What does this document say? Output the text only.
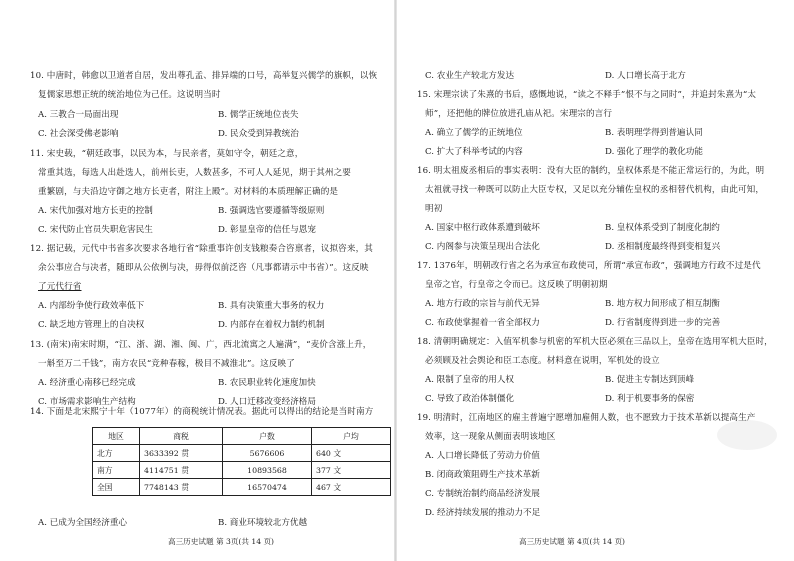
10. 中唐时，韩愈以卫道者自居，发出尊孔孟、排异端的口号，高举复兴儒学的旗帜，以恢
复儒家思想正统的统治地位为己任。这说明当时
A. 三教合一局面出现	B. 儒学正统地位丧失
C. 社会深受佛老影响	D. 民众受到异教统治
11. 宋史载，“朝廷政事，以民为本，与民亲者，莫如守令，朝廷之意，
常重其选，每选人出赴选人，前州长吏，人数甚多，不可人人延见，期于其州之要
重繁剧，与夫沿边守御之地方长吏者，附注上殿”。对材料的本质理解正确的是
A. 宋代加强对地方长吏的控制	B. 强调选官要遵循等级原则
C. 宋代防止官员失职危害民生	D. 彰显皇帝的信任与恩宠
12. 据记载，元代中书省多次要求各地行省“除重事许创支钱粮奏合咨禀者，议拟咨来，其
余公事应合与决者，随即从公依例与决，毋得似前泛咨（凡事都请示中书省）”。这反映
了元代行省
A. 内部纷争使行政效率低下	B. 具有决策重大事务的权力
C. 缺乏地方管理上的自决权	D. 内部存在着权力制约机制
13. (南宋)南宋时期，“江、浙、湖、湘、闽、广，西北流寓之人遍满”，“麦价含涨上升，
一斛至万二千钱”，南方农民“竞种春稼，极目不减淮北”。这反映了
A. 经济重心南移已经完成	B. 农民职业转化速度加快
C. 市场需求影响生产结构	D. 人口迁移改变经济格局
14. 下面是北宋熙宁十年（1077年）的商税统计情况表。据此可以得出的结论是当时南方
地区	商税	户数	户均
北方	3633392 贯	5676606	640 文
南方	4114751 贯	10893568	377 文
全国	7748143 贯	16570474	467 文
A. 已成为全国经济重心	B. 商业环境较北方优越
高三历史试题 第 3页(共 14 页)
C. 农业生产较北方发达	D. 人口增长高于北方
15. 宋理宗读了朱熹的书后，感慨地说，“读之不释手”恨不与之同时”，并追封朱熹为“太
师”，还把他的牌位放进孔庙从祀。宋理宗的言行
A. 确立了儒学的正统地位	B. 表明理学得到普遍认同
C. 扩大了科举考试的内容	D. 强化了理学的教化功能
16. 明太祖废丞相后的事实表明：没有大臣的制约，皇权体系是不能正常运行的，为此，明
太祖就寻找一种既可以防止大臣专权，又足以充分辅佐皇权的丞相替代机构，由此可知，
明初
A. 国家中枢行政体系遭到破坏	B. 皇权体系受到了制度化制约
C. 内阁参与决策呈现出合法化	D. 丞相制度最终得到变相复兴
17. 1376年，明朝改行省之名为承宣布政使司，所谓“承宣布政”，强调地方行政不过是代
皇帝之官，行皇帝之令而已。这反映了明朝初期
A. 地方行政的宗旨与前代无异	B. 地方权力间形成了相互制衡
C. 布政使掌握着一省全部权力	D. 行省制度得到进一步的完善
18. 清朝明确规定：入值军机参与机密的军机大臣必须在三品以上，皇帝在选用军机大臣时，
必须顾及社会舆论和臣工态度。材料意在说明，军机处的设立
A. 限制了皇帝的用人权	B. 促进主专制达到顶峰
C. 导致了政治体制僵化	D. 利于机要事务的保密
19. 明清时，江南地区的雇主普遍宁愿增加雇佣人数，也不愿致力于技术革新以提高生产
效率，这一现象从侧面表明该地区
A. 人口增长降低了劳动力价值
B. 闭商政策阻碍生产技术革新
C. 专制统治制约商品经济发展
D. 经济持续发展的推动力不足
高三历史试题 第 4页(共 14 页)
